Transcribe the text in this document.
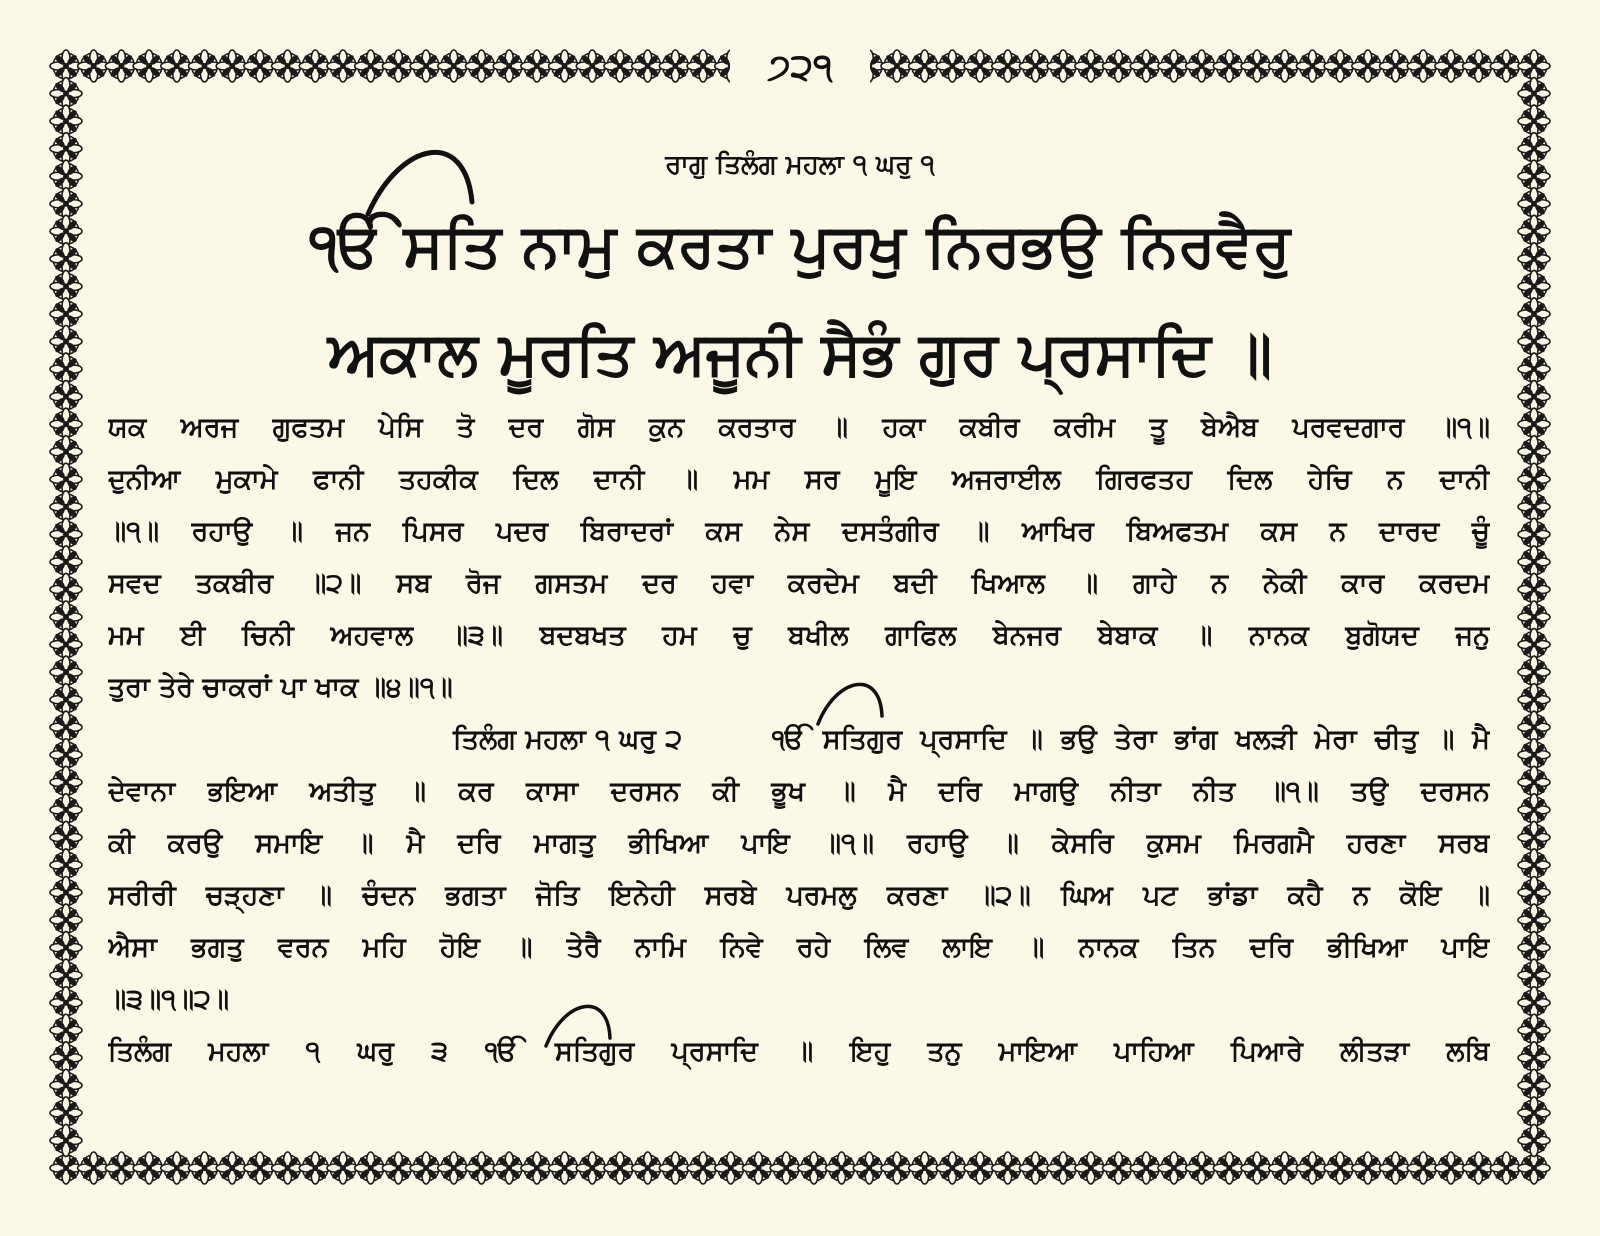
੭੨੧
ਰਾਗੁ ਤਿਲੰਗ ਮਹਲਾ ੧ ਘਰੁ ੧
ੴ ਸਤਿ ਨਾਮੁ ਕਰਤਾ ਪੁਰਖੁ ਨਿਰਭਉ ਨਿਰਵੈਰੁ
ਅਕਾਲ ਮੂਰਤਿ ਅਜੂਨੀ ਸੈਭੰ ਗੁਰ ਪ੍ਰਸਾਦਿ ॥
ਯਕ ਅਰਜ ਗੁਫਤਮ ਪੇਸਿ ਤੋ ਦਰ ਗੋਸ ਕੁਨ ਕਰਤਾਰ ॥ ਹਕਾ ਕਬੀਰ ਕਰੀਮ ਤੂ ਬੇਐਬ ਪਰਵਦਗਾਰ ॥੧॥
ਦੁਨੀਆ ਮੁਕਾਮੇ ਫਾਨੀ ਤਹਕੀਕ ਦਿਲ ਦਾਨੀ ॥ ਮਮ ਸਰ ਮੂਇ ਅਜਰਾਈਲ ਗਿਰਫਤਹ ਦਿਲ ਹੇਚਿ ਨ ਦਾਨੀ
॥੧॥ ਰਹਾਉ ॥ ਜਨ ਪਿਸਰ ਪਦਰ ਬਿਰਾਦਰਾਂ ਕਸ ਨੇਸ ਦਸਤੰਗੀਰ ॥ ਆਖਿਰ ਬਿਅਫਤਮ ਕਸ ਨ ਦਾਰਦ ਚੂੰ
ਸਵਦ ਤਕਬੀਰ ॥੨॥ ਸਬ ਰੋਜ ਗਸਤਮ ਦਰ ਹਵਾ ਕਰਦੇਮ ਬਦੀ ਖਿਆਲ ॥ ਗਾਹੇ ਨ ਨੇਕੀ ਕਾਰ ਕਰਦਮ
ਮਮ ਈ ਚਿਨੀ ਅਹਵਾਲ ॥੩॥ ਬਦਬਖਤ ਹਮ ਚੁ ਬਖੀਲ ਗਾਫਿਲ ਬੇਨਜਰ ਬੇਬਾਕ ॥ ਨਾਨਕ ਬੁਗੋਯਦ ਜਨੁ
ਤੁਰਾ ਤੇਰੇ ਚਾਕਰਾਂ ਪਾ ਖਾਕ ॥੪॥੧॥
ਤਿਲੰਗ ਮਹਲਾ ੧ ਘਰੁ ੨	ੴ ਸਤਿਗੁਰ ਪ੍ਰਸਾਦਿ ॥ ਭਉ ਤੇਰਾ ਭਾਂਗ ਖਲੜੀ ਮੇਰਾ ਚੀਤੁ ॥ ਮੈ
ਦੇਵਾਨਾ ਭਇਆ ਅਤੀਤੁ ॥ ਕਰ ਕਾਸਾ ਦਰਸਨ ਕੀ ਭੂਖ ॥ ਮੈ ਦਰਿ ਮਾਗਉ ਨੀਤਾ ਨੀਤ ॥੧॥ ਤਉ ਦਰਸਨ
ਕੀ ਕਰਉ ਸਮਾਇ ॥ ਮੈ ਦਰਿ ਮਾਗਤੁ ਭੀਖਿਆ ਪਾਇ ॥੧॥ ਰਹਾਉ ॥ ਕੇਸਰਿ ਕੁਸਮ ਮਿਰਗਮੈ ਹਰਣਾ ਸਰਬ
ਸਰੀਰੀ ਚੜ੍ਹਣਾ ॥ ਚੰਦਨ ਭਗਤਾ ਜੋਤਿ ਇਨੇਹੀ ਸਰਬੇ ਪਰਮਲੁ ਕਰਣਾ ॥੨॥ ਘਿਅ ਪਟ ਭਾਂਡਾ ਕਹੈ ਨ ਕੋਇ ॥
ਐਸਾ ਭਗਤੁ ਵਰਨ ਮਹਿ ਹੋਇ ॥ ਤੇਰੈ ਨਾਮਿ ਨਿਵੇ ਰਹੇ ਲਿਵ ਲਾਇ ॥ ਨਾਨਕ ਤਿਨ ਦਰਿ ਭੀਖਿਆ ਪਾਇ
॥੩॥੧॥੨॥
ਤਿਲੰਗ ਮਹਲਾ ੧ ਘਰੁ ੩ ੴ ਸਤਿਗੁਰ ਪ੍ਰਸਾਦਿ ॥ ਇਹੁ ਤਨੁ ਮਾਇਆ ਪਾਹਿਆ ਪਿਆਰੇ ਲੀਤੜਾ ਲਬਿ
